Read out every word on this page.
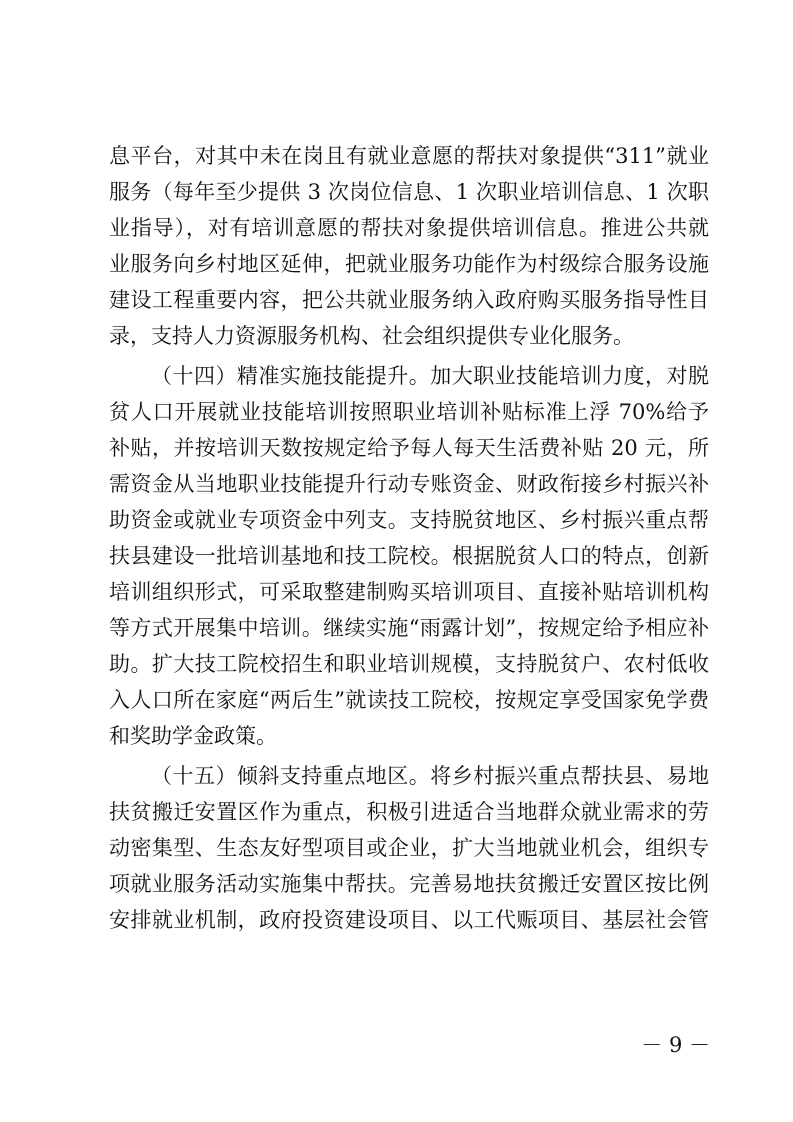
息平台，对其中未在岗且有就业意愿的帮扶对象提供“311”就业
服务（每年至少提供 3 次岗位信息、1 次职业培训信息、1 次职
业指导），对有培训意愿的帮扶对象提供培训信息。推进公共就
业服务向乡村地区延伸，把就业服务功能作为村级综合服务设施
建设工程重要内容，把公共就业服务纳入政府购买服务指导性目
录，支持人力资源服务机构、社会组织提供专业化服务。
（十四）精准实施技能提升。加大职业技能培训力度，对脱
贫人口开展就业技能培训按照职业培训补贴标准上浮 70%给予
补贴，并按培训天数按规定给予每人每天生活费补贴 20 元，所
需资金从当地职业技能提升行动专账资金、财政衔接乡村振兴补
助资金或就业专项资金中列支。支持脱贫地区、乡村振兴重点帮
扶县建设一批培训基地和技工院校。根据脱贫人口的特点，创新
培训组织形式，可采取整建制购买培训项目、直接补贴培训机构
等方式开展集中培训。继续实施“雨露计划”，按规定给予相应补
助。扩大技工院校招生和职业培训规模，支持脱贫户、农村低收
入人口所在家庭“两后生”就读技工院校，按规定享受国家免学费
和奖助学金政策。
（十五）倾斜支持重点地区。将乡村振兴重点帮扶县、易地
扶贫搬迁安置区作为重点，积极引进适合当地群众就业需求的劳
动密集型、生态友好型项目或企业，扩大当地就业机会，组织专
项就业服务活动实施集中帮扶。完善易地扶贫搬迁安置区按比例
安排就业机制，政府投资建设项目、以工代赈项目、基层社会管
－ 9 －
